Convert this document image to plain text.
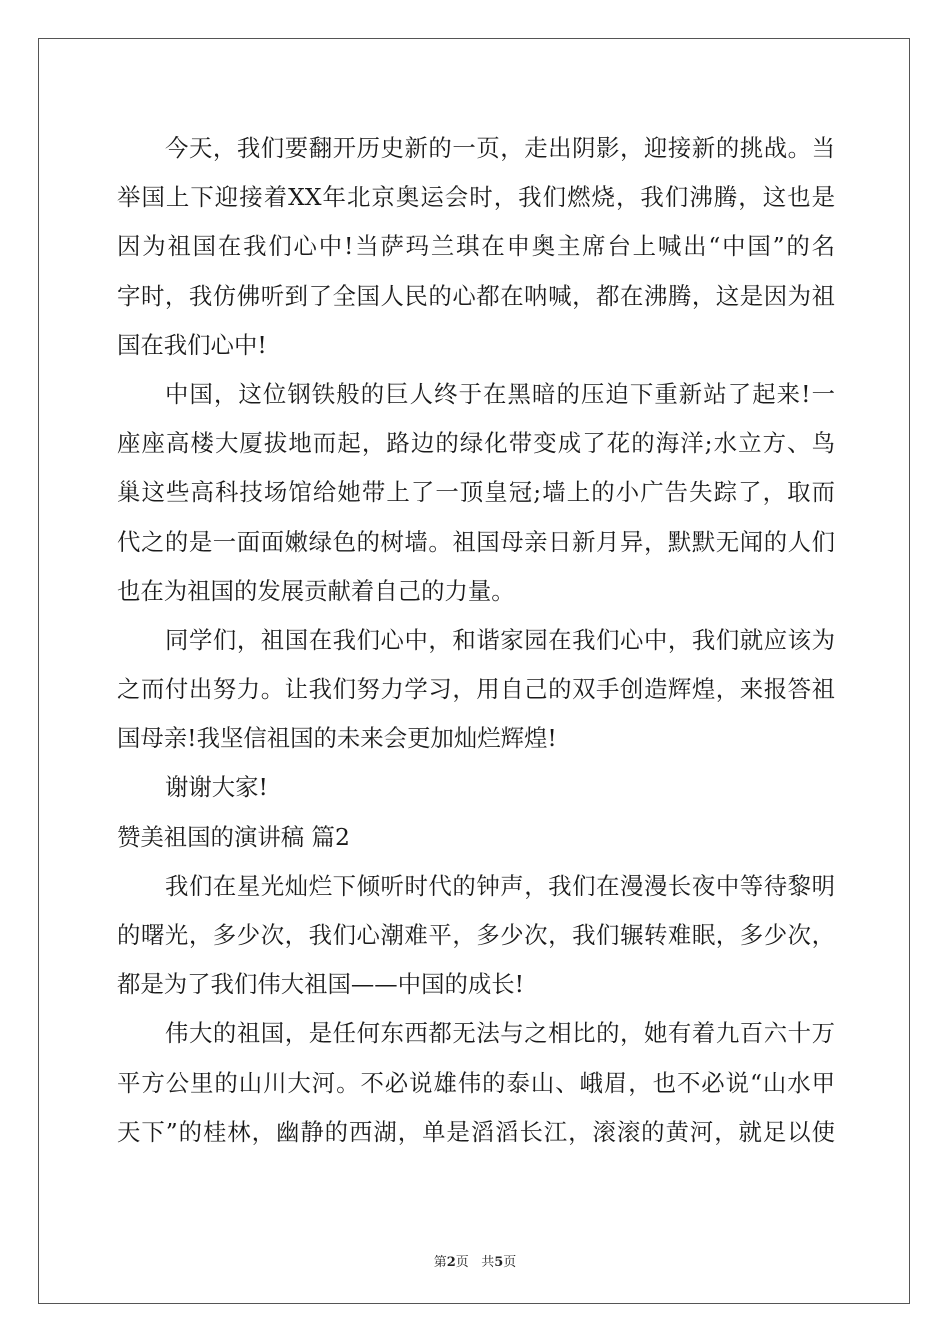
今天，我们要翻开历史新的一页，走出阴影，迎接新的挑战。当
举国上下迎接着XX年北京奥运会时，我们燃烧，我们沸腾，这也是
因为祖国在我们心中!当萨玛兰琪在申奥主席台上喊出“中国”的名
字时，我仿佛听到了全国人民的心都在呐喊，都在沸腾，这是因为祖
国在我们心中!
中国，这位钢铁般的巨人终于在黑暗的压迫下重新站了起来!一
座座高楼大厦拔地而起，路边的绿化带变成了花的海洋;水立方、鸟
巢这些高科技场馆给她带上了一顶皇冠;墙上的小广告失踪了，取而
代之的是一面面嫩绿色的树墙。祖国母亲日新月异，默默无闻的人们
也在为祖国的发展贡献着自己的力量。
同学们，祖国在我们心中，和谐家园在我们心中，我们就应该为
之而付出努力。让我们努力学习，用自己的双手创造辉煌，来报答祖
国母亲!我坚信祖国的未来会更加灿烂辉煌!
谢谢大家!
赞美祖国的演讲稿 篇2
我们在星光灿烂下倾听时代的钟声，我们在漫漫长夜中等待黎明
的曙光，多少次，我们心潮难平，多少次，我们辗转难眠，多少次，
都是为了我们伟大祖国——中国的成长!
伟大的祖国，是任何东西都无法与之相比的，她有着九百六十万
平方公里的山川大河。不必说雄伟的泰山、峨眉，也不必说“山水甲
天下”的桂林，幽静的西湖，单是滔滔长江，滚滚的黄河，就足以使
第2页   共5页
